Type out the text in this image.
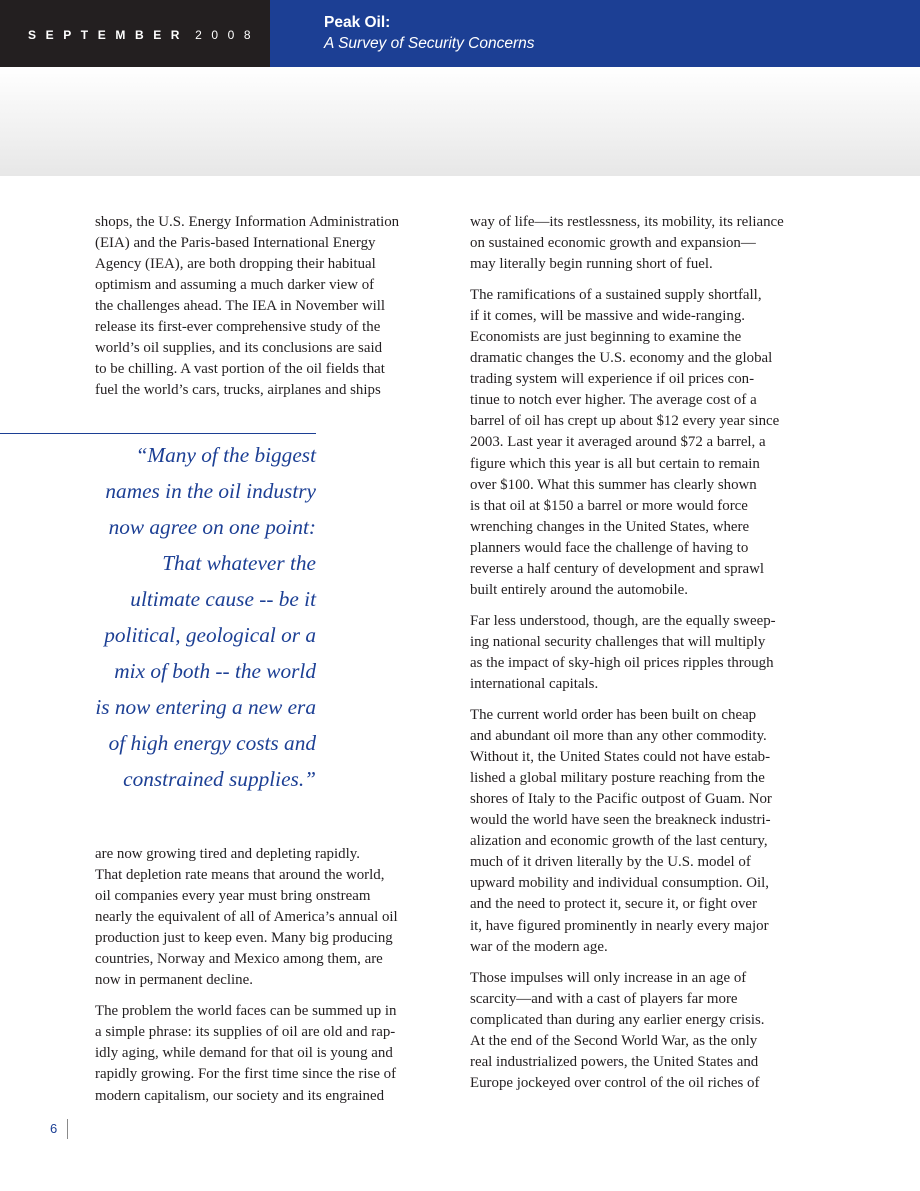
SEPTEMBER 2008
Peak Oil:
A Survey of Security Concerns
shops, the U.S. Energy Information Administration
(EIA) and the Paris-based International Energy
Agency (IEA), are both dropping their habitual
optimism and assuming a much darker view of
the challenges ahead. The IEA in November will
release its first-ever comprehensive study of the
world’s oil supplies, and its conclusions are said
to be chilling. A vast portion of the oil fields that
fuel the world’s cars, trucks, airplanes and ships
“Many of the biggest
names in the oil industry
now agree on one point:
That whatever the
ultimate cause -- be it
political, geological or a
mix of both -- the world
is now entering a new era
of high energy costs and
constrained supplies.”
are now growing tired and depleting rapidly.
That depletion rate means that around the world,
oil companies every year must bring onstream
nearly the equivalent of all of America’s annual oil
production just to keep even. Many big producing
countries, Norway and Mexico among them, are
now in permanent decline.
The problem the world faces can be summed up in
a simple phrase: its supplies of oil are old and rap-
idly aging, while demand for that oil is young and
rapidly growing. For the first time since the rise of
modern capitalism, our society and its engrained
way of life—its restlessness, its mobility, its reliance
on sustained economic growth and expansion—
may literally begin running short of fuel.
The ramifications of a sustained supply shortfall,
if it comes, will be massive and wide-ranging.
Economists are just beginning to examine the
dramatic changes the U.S. economy and the global
trading system will experience if oil prices con-
tinue to notch ever higher. The average cost of a
barrel of oil has crept up about $12 every year since
2003. Last year it averaged around $72 a barrel, a
figure which this year is all but certain to remain
over $100. What this summer has clearly shown
is that oil at $150 a barrel or more would force
wrenching changes in the United States, where
planners would face the challenge of having to
reverse a half century of development and sprawl
built entirely around the automobile.
Far less understood, though, are the equally sweep-
ing national security challenges that will multiply
as the impact of sky-high oil prices ripples through
international capitals.
The current world order has been built on cheap
and abundant oil more than any other commodity.
Without it, the United States could not have estab-
lished a global military posture reaching from the
shores of Italy to the Pacific outpost of Guam. Nor
would the world have seen the breakneck industri-
alization and economic growth of the last century,
much of it driven literally by the U.S. model of
upward mobility and individual consumption. Oil,
and the need to protect it, secure it, or fight over
it, have figured prominently in nearly every major
war of the modern age.
Those impulses will only increase in an age of
scarcity—and with a cast of players far more
complicated than during any earlier energy crisis.
At the end of the Second World War, as the only
real industrialized powers, the United States and
Europe jockeyed over control of the oil riches of
6
